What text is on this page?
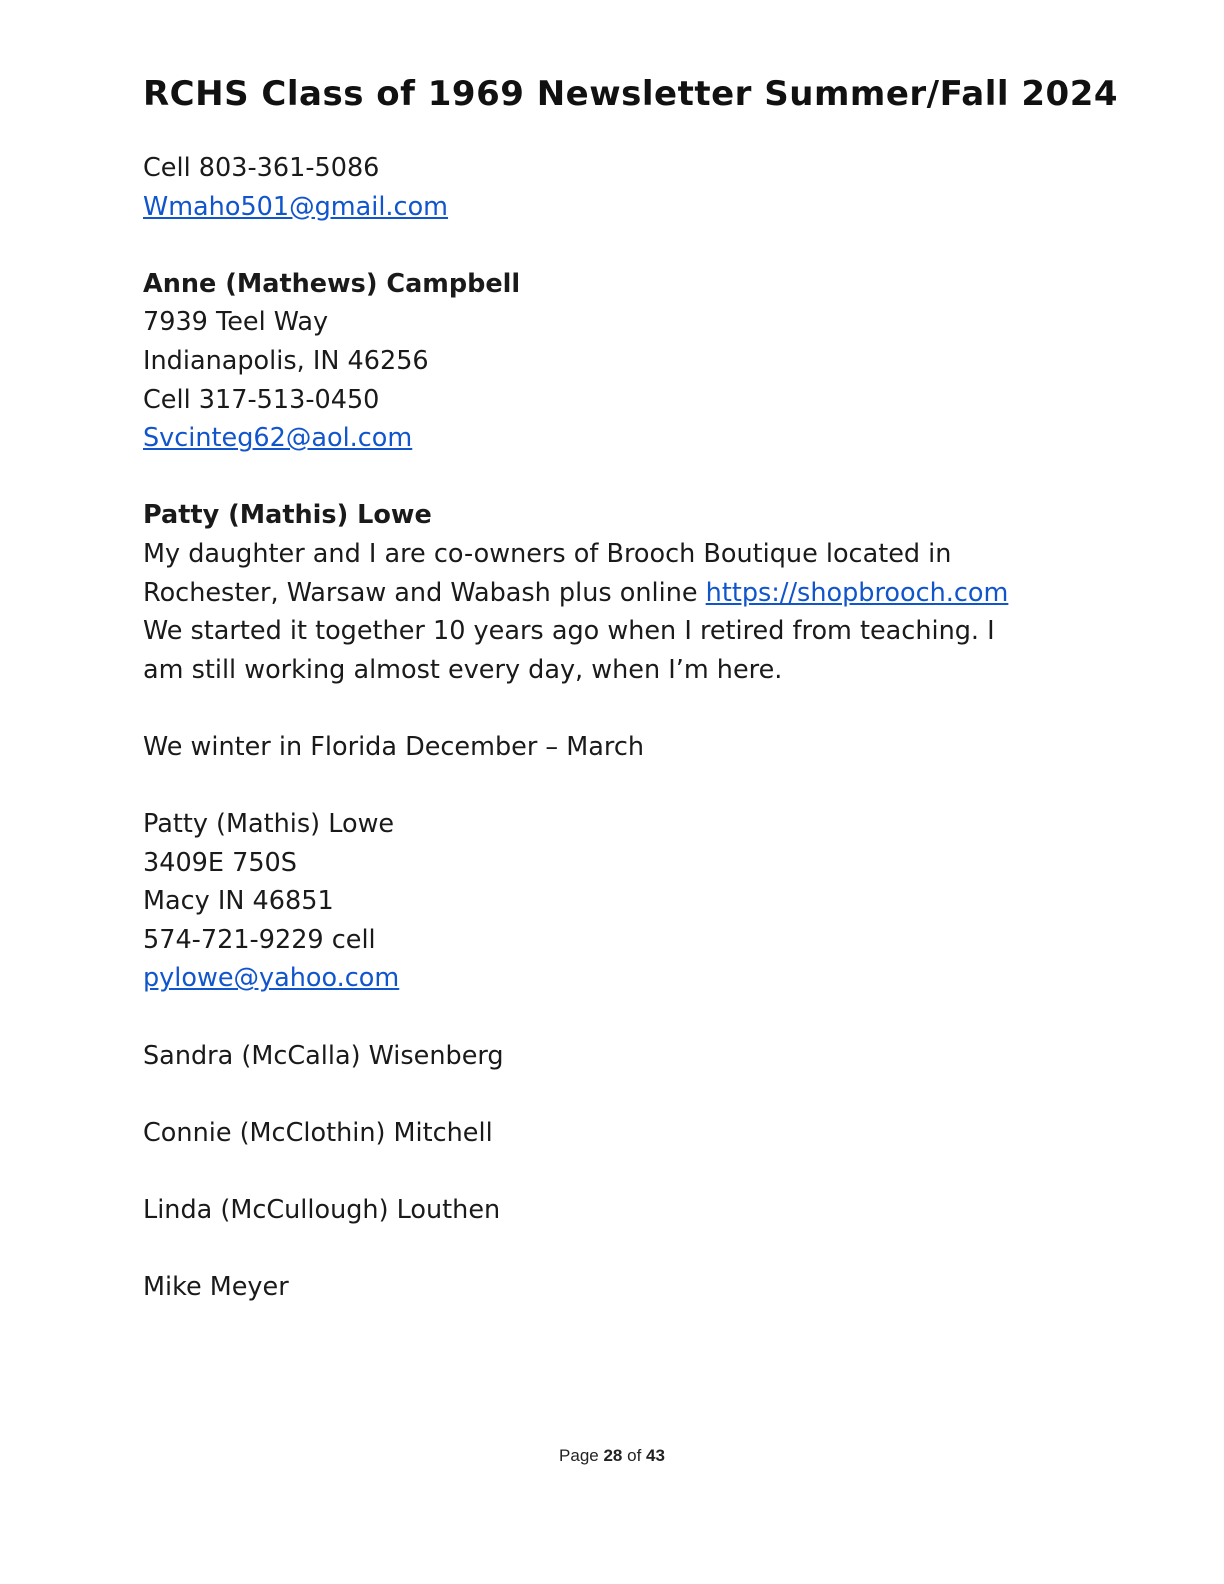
RCHS Class of 1969 Newsletter Summer/Fall 2024
Cell 803-361-5086
Wmaho501@gmail.com
Anne (Mathews) Campbell
7939 Teel Way
Indianapolis, IN 46256
Cell 317-513-0450
Svcinteg62@aol.com
Patty (Mathis) Lowe
My daughter and I are co-owners of Brooch Boutique located in
Rochester, Warsaw and Wabash plus online https://shopbrooch.com
We started it together 10 years ago when I retired from teaching. I
am still working almost every day, when I’m here.
We winter in Florida December – March
Patty (Mathis) Lowe
3409E 750S
Macy IN 46851
574-721-9229 cell
pylowe@yahoo.com
Sandra (McCalla) Wisenberg
Connie (McClothin) Mitchell
Linda (McCullough) Louthen
Mike Meyer
Page 28 of 43
